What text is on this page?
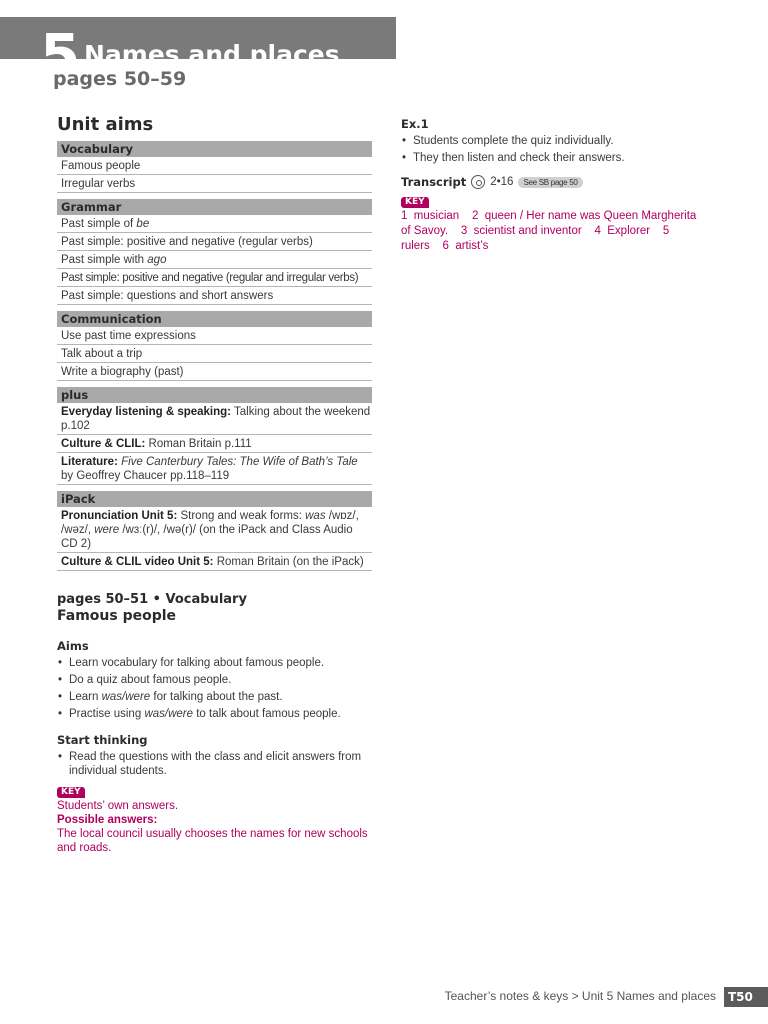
5 Names and places
pages 50–59
Unit aims
Vocabulary
Famous people
Irregular verbs
Grammar
Past simple of be
Past simple: positive and negative (regular verbs)
Past simple with ago
Past simple: positive and negative (regular and irregular verbs)
Past simple: questions and short answers
Communication
Use past time expressions
Talk about a trip
Write a biography (past)
plus
Everyday listening & speaking: Talking about the weekend p.102
Culture & CLIL: Roman Britain p.111
Literature: Five Canterbury Tales: The Wife of Bath’s Tale by Geoffrey Chaucer pp.118–119
iPack
Pronunciation Unit 5: Strong and weak forms: was /wɒz/, /wəz/, were /wɜː(r)/, /wə(r)/ (on the iPack and Class Audio CD 2)
Culture & CLIL video Unit 5: Roman Britain (on the iPack)
pages 50–51 • Vocabulary
Famous people
Aims
• Learn vocabulary for talking about famous people.
• Do a quiz about famous people.
• Learn was/were for talking about the past.
• Practise using was/were to talk about famous people.
Start thinking
• Read the questions with the class and elicit answers from individual students.
KEY
Students’ own answers.
Possible answers:
The local council usually chooses the names for new schools and roads.
Ex.1
• Students complete the quiz individually.
• They then listen and check their answers.
Transcript 2•16	See SB page 50
KEY
1  musician    2  queen / Her name was Queen Margherita of Savoy.    3  scientist and inventor    4  Explorer    5  rulers    6  artist’s
Teacher’s notes & keys > Unit 5 Names and places	T50
